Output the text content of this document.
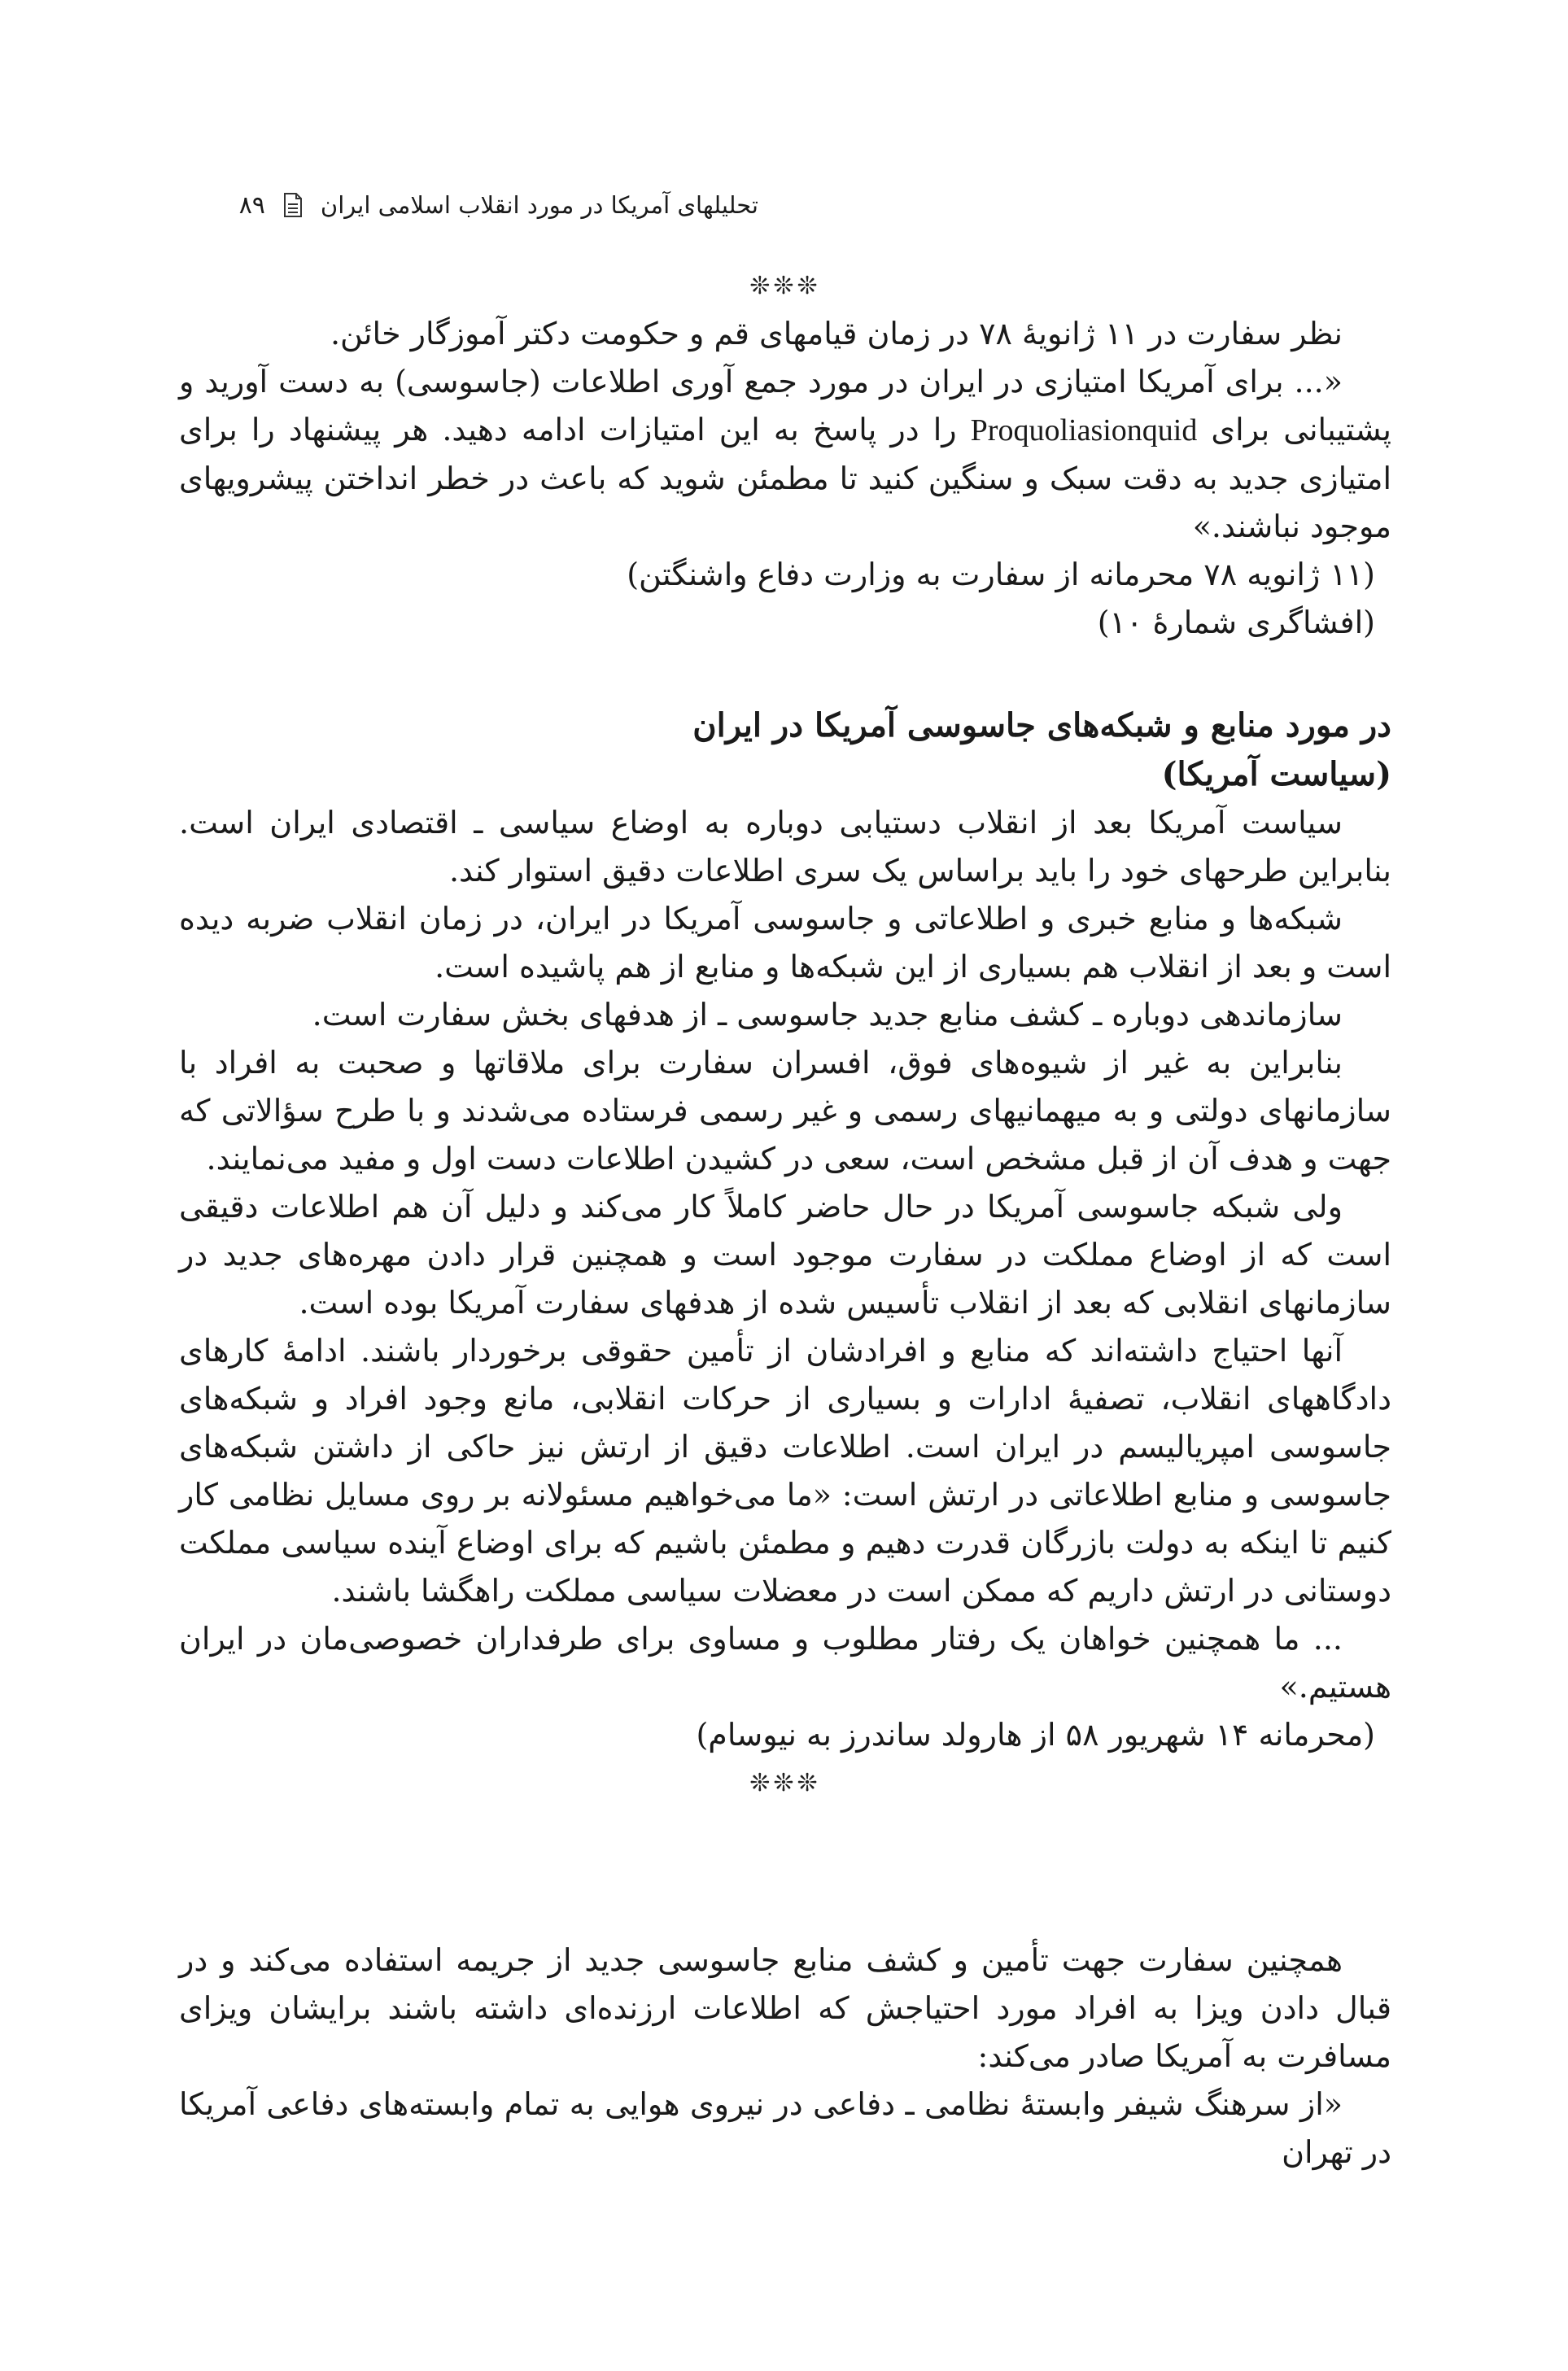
تحلیلهای آمریکا در مورد انقلاب اسلامی ایران
۸۹

❊❊❊

نظر سفارت در ۱۱ ژانویهٔ ۷۸ در زمان قیامهای قم و حکومت دکتر آموزگار خائن.

«... برای آمریکا امتیازی در ایران در مورد جمع آوری اطلاعات (جاسوسی) به دست آورید و پشتیبانی برای Proquoliasionquid را در پاسخ به این امتیازات ادامه دهید. هر پیشنهاد را برای امتیازی جدید به دقت سبک و سنگین کنید تا مطمئن شوید که باعث در خطر انداختن پیشرویهای موجود نباشند.»

(۱۱ ژانویه ۷۸ محرمانه از سفارت به وزارت دفاع واشنگتن)

(افشاگری شمارهٔ ۱۰)

در مورد منابع و شبکه‌های جاسوسی آمریکا در ایران

(سیاست آمریکا)

سیاست آمریکا بعد از انقلاب دستیابی دوباره به اوضاع سیاسی ـ اقتصادی ایران است. بنابراین طرحهای خود را باید براساس یک سری اطلاعات دقیق استوار کند.

شبکه‌ها و منابع خبری و اطلاعاتی و جاسوسی آمریکا در ایران، در زمان انقلاب ضربه دیده است و بعد از انقلاب هم بسیاری از این شبکه‌ها و منابع از هم پاشیده است.

سازماندهی دوباره ـ کشف منابع جدید جاسوسی ـ از هدفهای بخش سفارت است.

بنابراین به غیر از شیوه‌های فوق، افسران سفارت برای ملاقاتها و صحبت به افراد با سازمانهای دولتی و به میهمانیهای رسمی و غیر رسمی فرستاده می‌شدند و با طرح سؤالاتی که جهت و هدف آن از قبل مشخص است، سعی در کشیدن اطلاعات دست اول و مفید می‌نمایند.

ولی شبکه جاسوسی آمریکا در حال حاضر کاملاً کار می‌کند و دلیل آن هم اطلاعات دقیقی است که از اوضاع مملکت در سفارت موجود است و همچنین قرار دادن مهره‌های جدید در سازمانهای انقلابی که بعد از انقلاب تأسیس شده از هدفهای سفارت آمریکا بوده است.

آنها احتیاج داشته‌اند که منابع و افرادشان از تأمین حقوقی برخوردار باشند. ادامهٔ کارهای دادگاههای انقلاب، تصفیهٔ ادارات و بسیاری از حرکات انقلابی، مانع وجود افراد و شبکه‌های جاسوسی امپریالیسم در ایران است. اطلاعات دقیق از ارتش نیز حاکی از داشتن شبکه‌های جاسوسی و منابع اطلاعاتی در ارتش است: «ما می‌خواهیم مسئولانه بر روی مسایل نظامی کار کنیم تا اینکه به دولت بازرگان قدرت دهیم و مطمئن باشیم که برای اوضاع آینده سیاسی مملکت دوستانی در ارتش داریم که ممکن است در معضلات سیاسی مملکت راهگشا باشند.

... ما همچنین خواهان یک رفتار مطلوب و مساوی برای طرفداران خصوصی‌مان در ایران هستیم.»

(محرمانه ۱۴ شهریور ۵۸ از هارولد ساندرز به نیوسام)

❊❊❊

همچنین سفارت جهت تأمین و کشف منابع جاسوسی جدید از جریمه استفاده می‌کند و در قبال دادن ویزا به افراد مورد احتیاجش که اطلاعات ارزنده‌ای داشته باشند برایشان ویزای مسافرت به آمریکا صادر می‌کند:

«از سرهنگ شیفر وابستهٔ نظامی ـ دفاعی در نیروی هوایی به تمام وابسته‌های دفاعی آمریکا در تهران
